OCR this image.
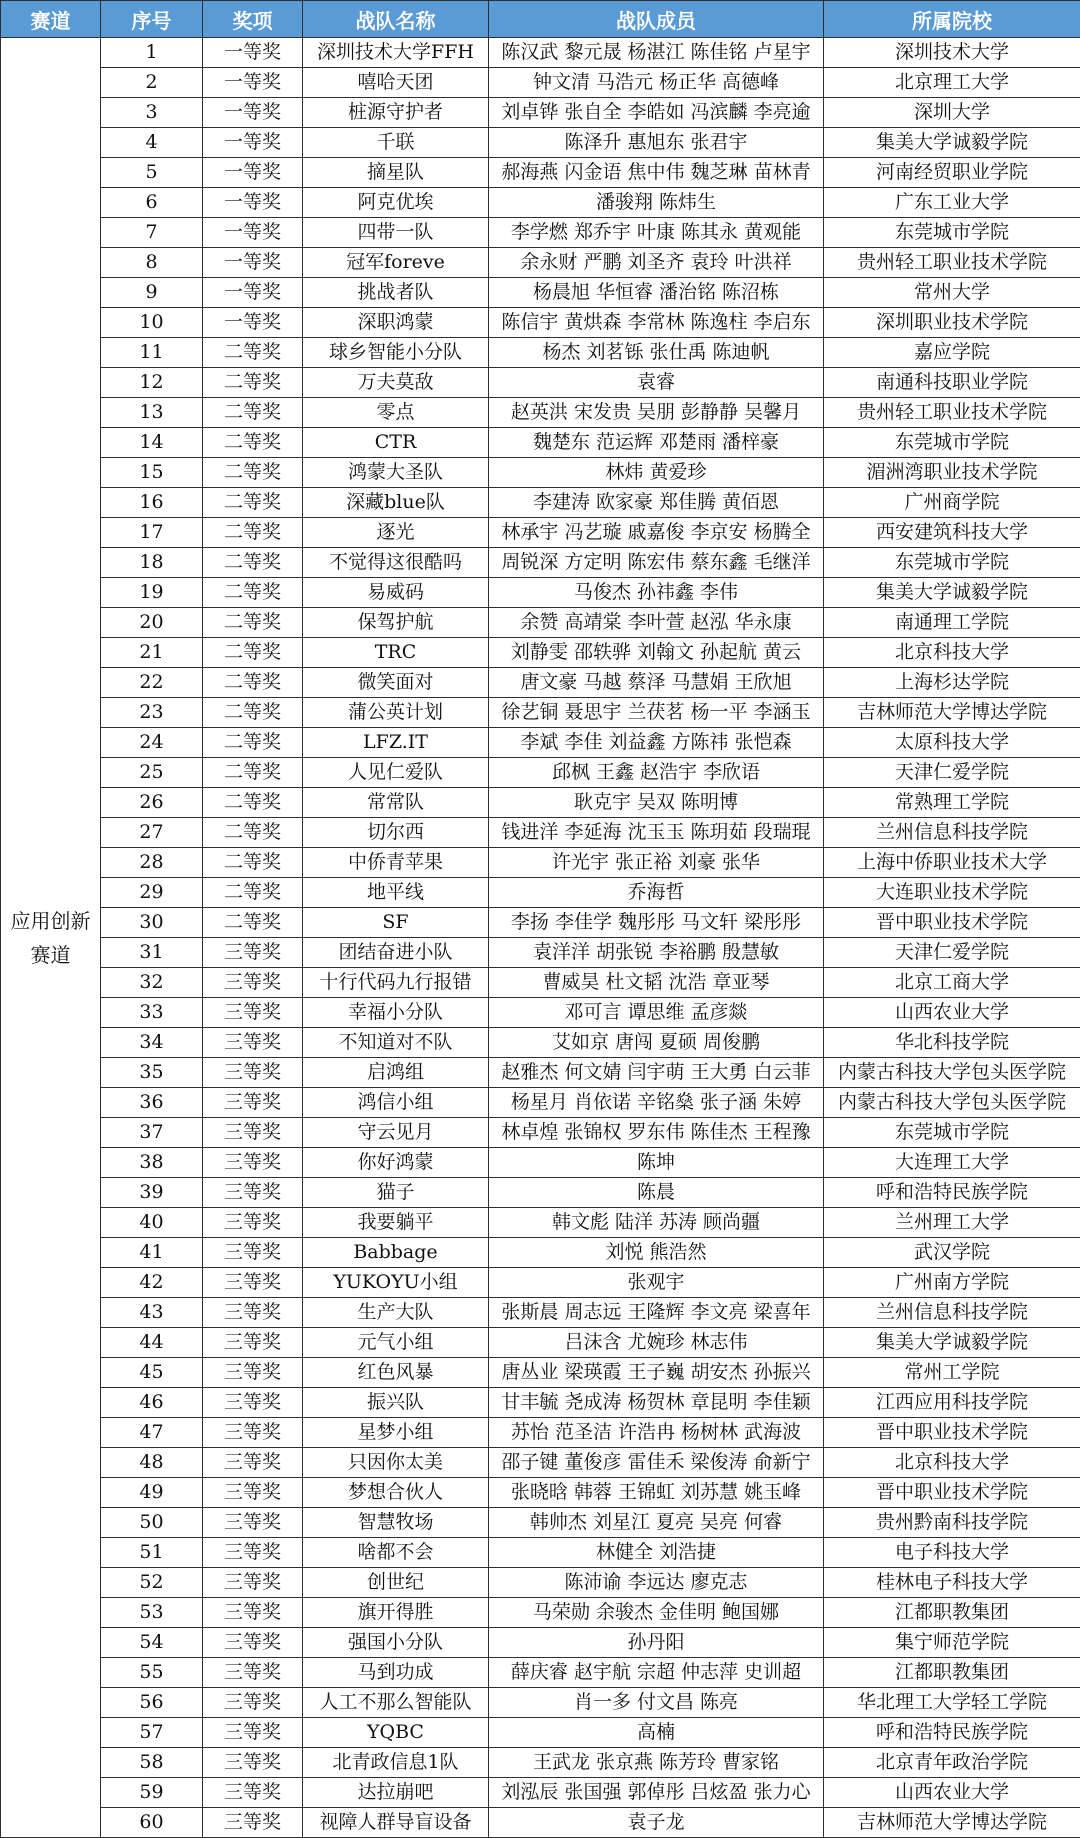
赛道	序号	奖项	战队名称	战队成员	所属院校
应用创新赛道	1	一等奖	深圳技术大学FFH	陈汉武 黎元晟 杨湛江 陈佳铭 卢星宇	深圳技术大学
	2	一等奖	嘻哈天团	钟文清 马浩元 杨正华 高德峰	北京理工大学
	3	一等奖	桩源守护者	刘卓铧 张自全 李皓如 冯滨麟 李亮逾	深圳大学
	4	一等奖	千联	陈泽升 惠旭东 张君宇	集美大学诚毅学院
	5	一等奖	摘星队	郝海燕 闪金语 焦中伟 魏芝琳 苗林青	河南经贸职业学院
	6	一等奖	阿克优埃	潘骏翔 陈炜生	广东工业大学
	7	一等奖	四带一队	李学燃 郑乔宇 叶康 陈其永 黄观能	东莞城市学院
	8	一等奖	冠军foreve	余永财 严鹏 刘圣齐 袁玲 叶洪祥	贵州轻工职业技术学院
	9	一等奖	挑战者队	杨晨旭 华恒睿 潘治铭 陈沼栋	常州大学
	10	一等奖	深职鸿蒙	陈信宇 黄烘森 李常林 陈逸柱 李启东	深圳职业技术学院
	11	二等奖	球乡智能小分队	杨杰 刘茗铄 张仕禹 陈迪帆	嘉应学院
	12	二等奖	万夫莫敌	袁睿	南通科技职业学院
	13	二等奖	零点	赵英洪 宋发贵 吴朋 彭静静 吴馨月	贵州轻工职业技术学院
	14	二等奖	CTR	魏楚东 范运辉 邓楚雨 潘梓豪	东莞城市学院
	15	二等奖	鸿蒙大圣队	林炜 黄爱珍	湄洲湾职业技术学院
	16	二等奖	深藏blue队	李建涛 欧家豪 郑佳腾 黄佰恩	广州商学院
	17	二等奖	逐光	林承宇 冯艺璇 戚嘉俊 李京安 杨腾全	西安建筑科技大学
	18	二等奖	不觉得这很酷吗	周锐深 方定明 陈宏伟 蔡东鑫 毛继洋	东莞城市学院
	19	二等奖	易威码	马俊杰 孙祎鑫 李伟	集美大学诚毅学院
	20	二等奖	保驾护航	余赞 高靖棠 李叶萱 赵泓 华永康	南通理工学院
	21	二等奖	TRC	刘静雯 邵轶骅 刘翰文 孙起航 黄云	北京科技大学
	22	二等奖	微笑面对	唐文豪 马越 蔡泽 马慧娟 王欣旭	上海杉达学院
	23	二等奖	蒲公英计划	徐艺铜 聂思宇 兰茯茗 杨一平 李涵玉	吉林师范大学博达学院
	24	二等奖	LFZ.IT	李斌 李佳 刘益鑫 方陈祎 张恺森	太原科技大学
	25	二等奖	人见仁爱队	邱枫 王鑫 赵浩宇 李欣语	天津仁爱学院
	26	二等奖	常常队	耿克宇 吴双 陈明博	常熟理工学院
	27	二等奖	切尔西	钱进洋 李延海 沈玉玉 陈玥茹 段瑞琨	兰州信息科技学院
	28	二等奖	中侨青苹果	许光宇 张正裕 刘豪 张华	上海中侨职业技术大学
	29	二等奖	地平线	乔海哲	大连职业技术学院
	30	二等奖	SF	李扬 李佳学 魏彤彤 马文轩 梁彤彤	晋中职业技术学院
	31	三等奖	团结奋进小队	袁洋洋 胡张锐 李裕鹏 殷慧敏	天津仁爱学院
	32	三等奖	十行代码九行报错	曹威昊 杜文韬 沈浩 章亚琴	北京工商大学
	33	三等奖	幸福小分队	邓可言 谭思维 孟彦燚	山西农业大学
	34	三等奖	不知道对不队	艾如京 唐闯 夏硕 周俊鹏	华北科技学院
	35	三等奖	启鸿组	赵雅杰 何文婧 闫宇萌 王大勇 白云菲	内蒙古科技大学包头医学院
	36	三等奖	鸿信小组	杨星月 肖依诺 辛铭燊 张子涵 朱婷	内蒙古科技大学包头医学院
	37	三等奖	守云见月	林卓煌 张锦权 罗东伟 陈佳杰 王程豫	东莞城市学院
	38	三等奖	你好鸿蒙	陈坤	大连理工大学
	39	三等奖	猫子	陈晨	呼和浩特民族学院
	40	三等奖	我要躺平	韩文彪 陆洋 苏涛 顾尚疆	兰州理工大学
	41	三等奖	Babbage	刘悦 熊浩然	武汉学院
	42	三等奖	YUKOYU小组	张观宇	广州南方学院
	43	三等奖	生产大队	张斯晨 周志远 王隆辉 李文亮 梁喜年	兰州信息科技学院
	44	三等奖	元气小组	吕沫含 尤婉珍 林志伟	集美大学诚毅学院
	45	三等奖	红色风暴	唐丛业 梁瑛霞 王子巍 胡安杰 孙振兴	常州工学院
	46	三等奖	振兴队	甘丰毓 尧成涛 杨贺林 章昆明 李佳颖	江西应用科技学院
	47	三等奖	星梦小组	苏怡 范圣洁 许浩冉 杨树林 武海波	晋中职业技术学院
	48	三等奖	只因你太美	邵子键 董俊彦 雷佳禾 梁俊涛 俞新宁	北京科技大学
	49	三等奖	梦想合伙人	张晓晗 韩蓉 王锦虹 刘苏慧 姚玉峰	晋中职业技术学院
	50	三等奖	智慧牧场	韩帅杰 刘星江 夏亮 吴亮 何睿	贵州黔南科技学院
	51	三等奖	啥都不会	林健全 刘浩捷	电子科技大学
	52	三等奖	创世纪	陈沛谕 李远达 廖克志	桂林电子科技大学
	53	三等奖	旗开得胜	马荣勋 余骏杰 金佳明 鲍国娜	江都职教集团
	54	三等奖	强国小分队	孙丹阳	集宁师范学院
	55	三等奖	马到功成	薛庆睿 赵宇航 宗超 仲志萍 史训超	江都职教集团
	56	三等奖	人工不那么智能队	肖一多 付文昌 陈亮	华北理工大学轻工学院
	57	三等奖	YQBC	高楠	呼和浩特民族学院
	58	三等奖	北青政信息1队	王武龙 张京燕 陈芳玲 曹家铭	北京青年政治学院
	59	三等奖	达拉崩吧	刘泓辰 张国强 郭倬彤 吕炫盈 张力心	山西农业大学
	60	三等奖	视障人群导盲设备	袁子龙	吉林师范大学博达学院
